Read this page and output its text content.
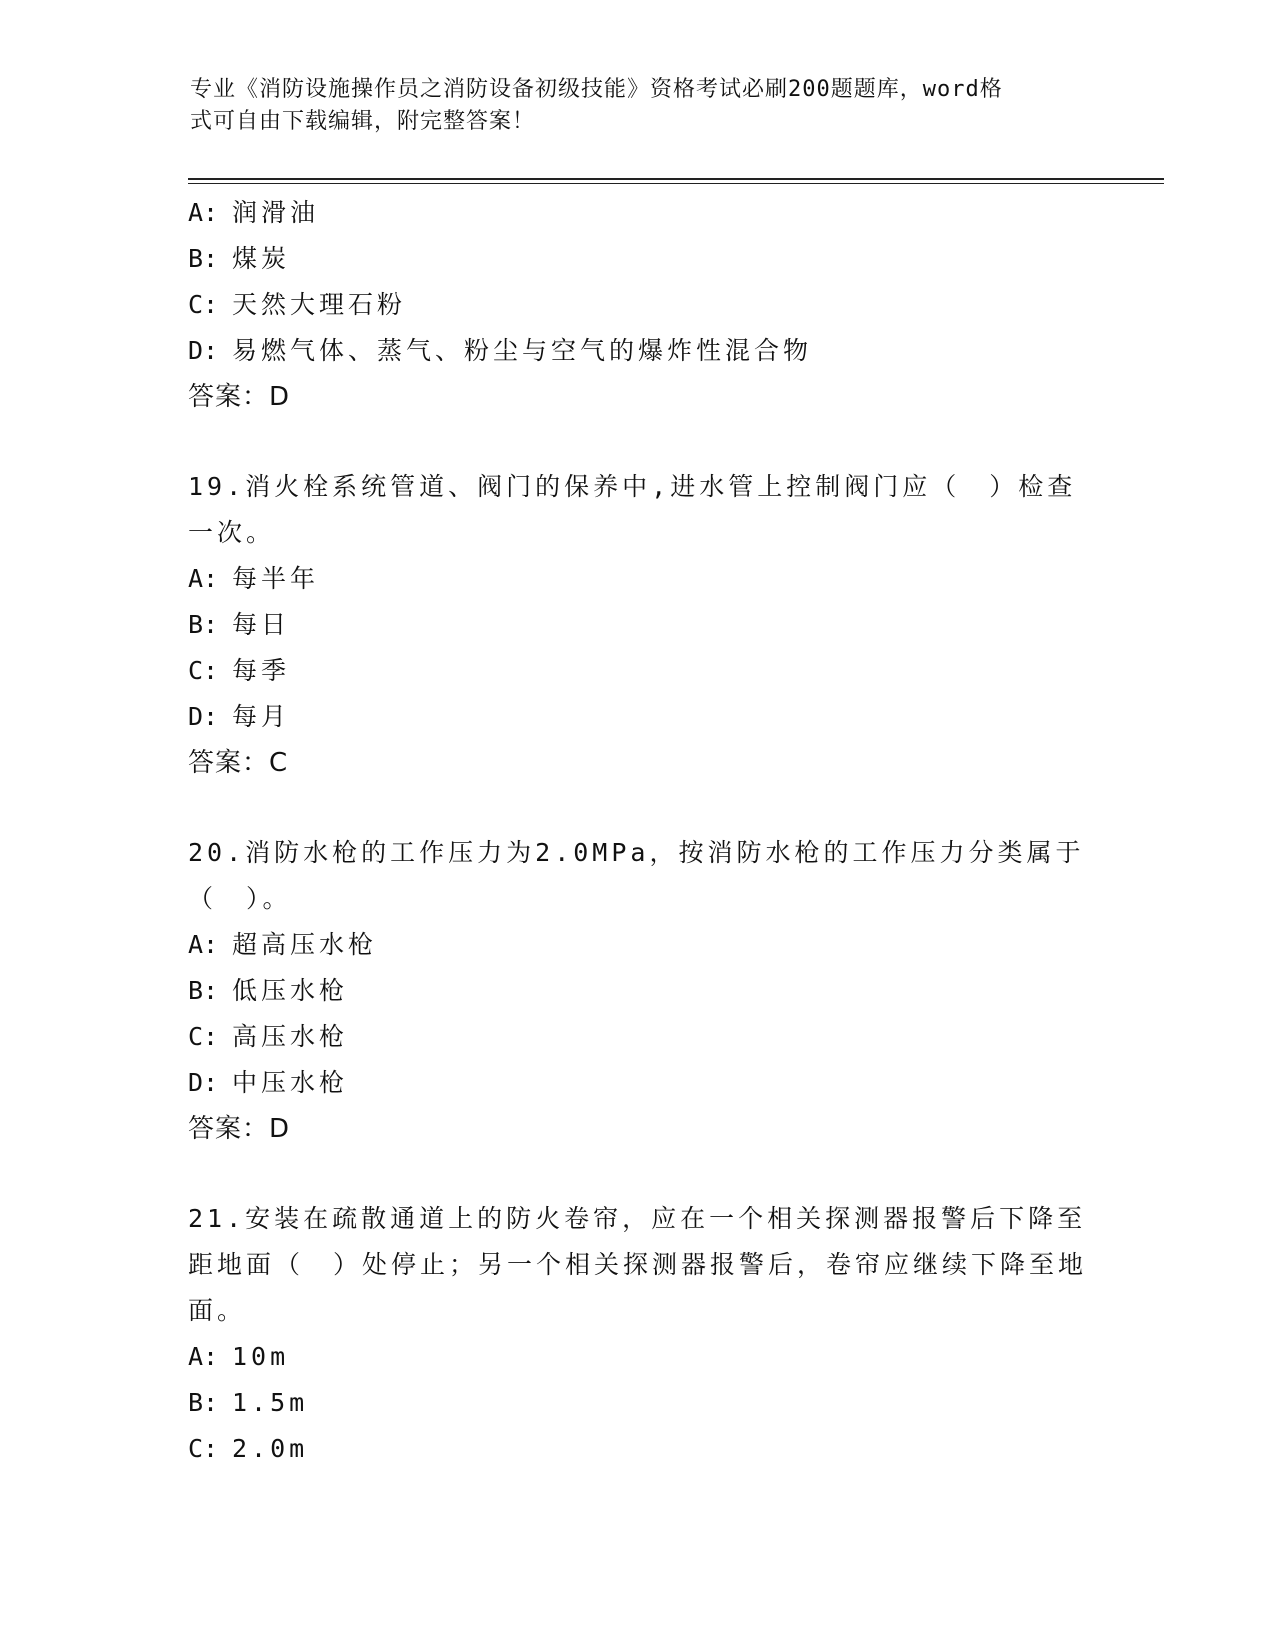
专业《消防设施操作员之消防设备初级技能》资格考试必刷200题题库，word格
式可自由下载编辑，附完整答案！
A: 润滑油
B: 煤炭
C: 天然大理石粉
D: 易燃气体、蒸气、粉尘与空气的爆炸性混合物
答案：D
19.消火栓系统管道、阀门的保养中,进水管上控制阀门应（　）检查一次。
A: 每半年
B: 每日
C: 每季
D: 每月
答案：C
20.消防水枪的工作压力为2.0MPa，按消防水枪的工作压力分类属于（　）。
A: 超高压水枪
B: 低压水枪
C: 高压水枪
D: 中压水枪
答案：D
21.安装在疏散通道上的防火卷帘，应在一个相关探测器报警后下降至距地面（　）处停止；另一个相关探测器报警后，卷帘应继续下降至地面。
A: 10m
B: 1.5m
C: 2.0m
